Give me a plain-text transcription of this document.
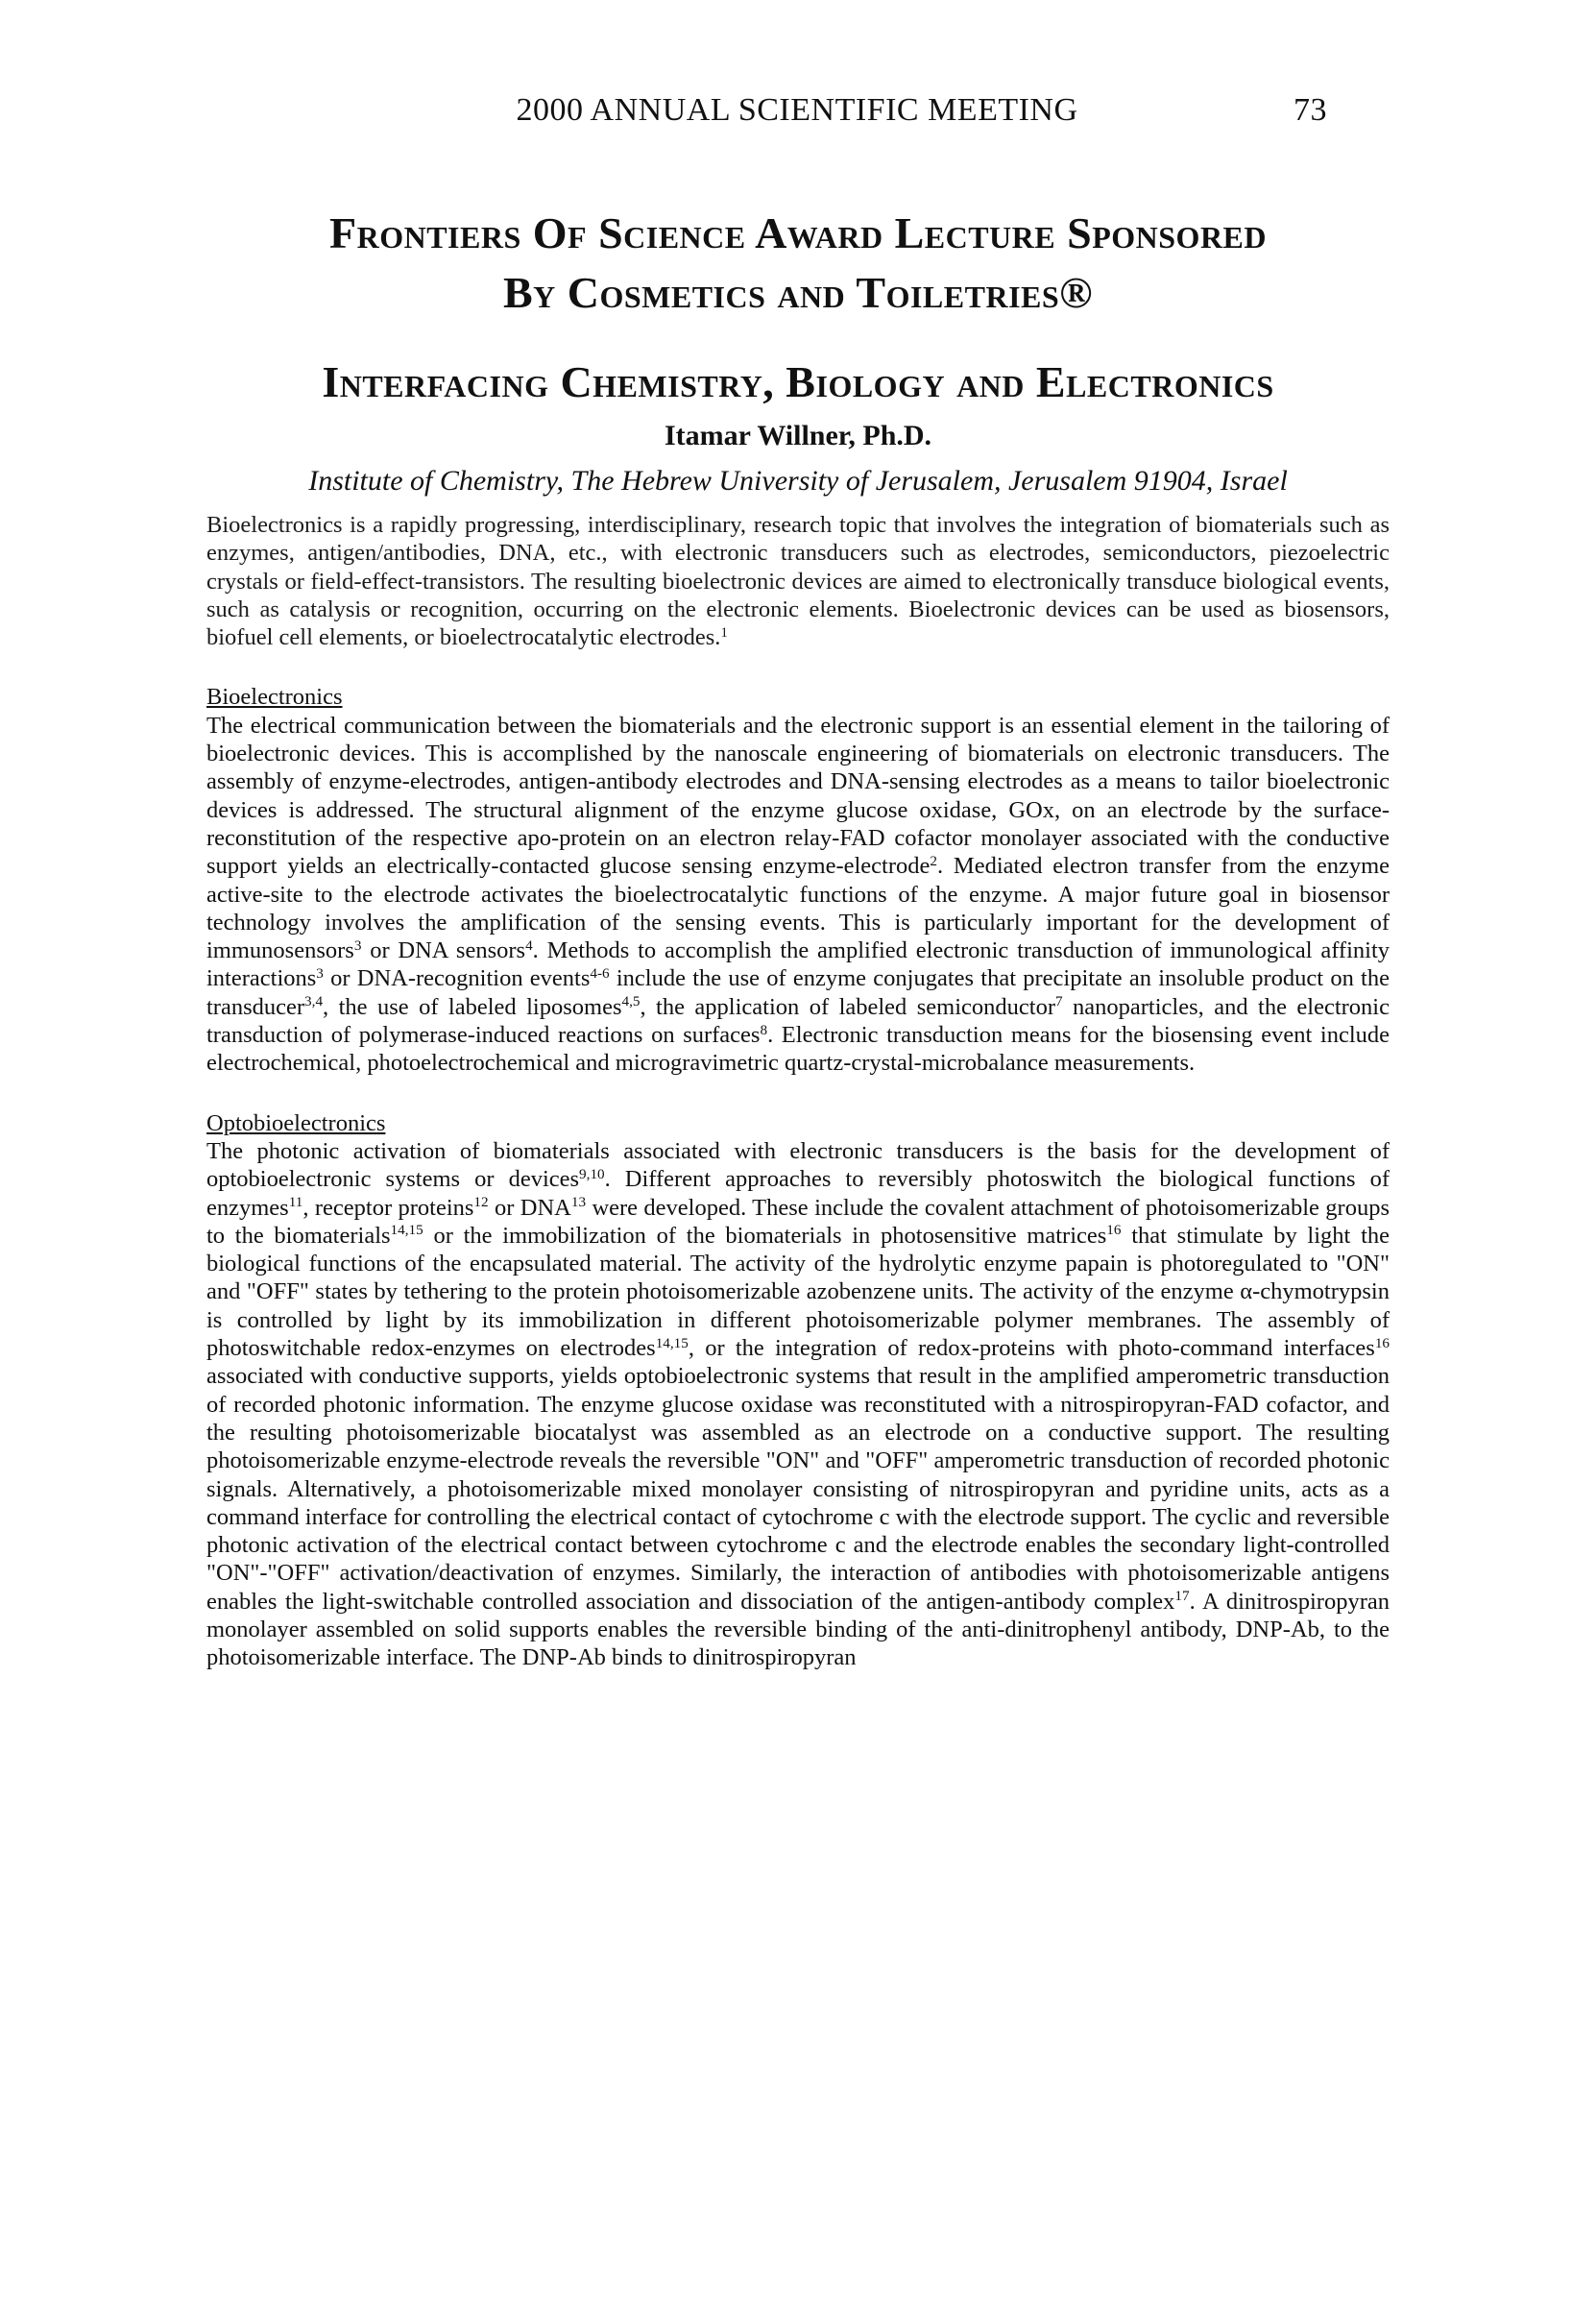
2000 ANNUAL SCIENTIFIC MEETING	73
Frontiers Of Science Award Lecture Sponsored
By Cosmetics and Toiletries®
Interfacing Chemistry, Biology and Electronics
Itamar Willner, Ph.D.
Institute of Chemistry, The Hebrew University of Jerusalem, Jerusalem 91904, Israel

Bioelectronics is a rapidly progressing, interdisciplinary, research topic that involves the integration of biomaterials such as enzymes, antigen/antibodies, DNA, etc., with electronic transducers such as electrodes, semiconductors, piezoelectric crystals or field-effect-transistors. The resulting bioelectronic devices are aimed to electronically transduce biological events, such as catalysis or recognition, occurring on the electronic elements. Bioelectronic devices can be used as biosensors, biofuel cell elements, or bioelectrocatalytic electrodes.$^1$

Bioelectronics

The electrical communication between the biomaterials and the electronic support is an essential element in the tailoring of bioelectronic devices. This is accomplished by the nanoscale engineering of biomaterials on electronic transducers. The assembly of enzyme-electrodes, antigen-antibody electrodes and DNA-sensing electrodes as a means to tailor bioelectronic devices is addressed. The structural alignment of the enzyme glucose oxidase, GOx, on an electrode by the surface-reconstitution of the respective apo-protein on an electron relay-FAD cofactor monolayer associated with the conductive support yields an electrically-contacted glucose sensing enzyme-electrode$^2$. Mediated electron transfer from the enzyme active-site to the electrode activates the bioelectrocatalytic functions of the enzyme. A major future goal in biosensor technology involves the amplification of the sensing events. This is particularly important for the development of immunosensors$^3$ or DNA sensors$^4$. Methods to accomplish the amplified electronic transduction of immunological affinity interactions$^3$ or DNA-recognition events$^{4-6}$ include the use of enzyme conjugates that precipitate an insoluble product on the transducer$^{3,4}$, the use of labeled liposomes$^{4,5}$, the application of labeled semiconductor$^7$ nanoparticles, and the electronic transduction of polymerase-induced reactions on surfaces$^8$. Electronic transduction means for the biosensing event include electrochemical, photoelectrochemical and microgravimetric quartz-crystal-microbalance measurements.

Optobioelectronics

The photonic activation of biomaterials associated with electronic transducers is the basis for the development of optobioelectronic systems or devices$^{9,10}$. Different approaches to reversibly photoswitch the biological functions of enzymes$^{11}$, receptor proteins$^{12}$ or DNA$^{13}$ were developed. These include the covalent attachment of photoisomerizable groups to the biomaterials$^{14,15}$ or the immobilization of the biomaterials in photosensitive matrices$^{16}$ that stimulate by light the biological functions of the encapsulated material. The activity of the hydrolytic enzyme papain is photoregulated to "ON" and "OFF" states by tethering to the protein photoisomerizable azobenzene units. The activity of the enzyme α-chymotrypsin is controlled by light by its immobilization in different photoisomerizable polymer membranes. The assembly of photoswitchable redox-enzymes on electrodes$^{14,15}$, or the integration of redox-proteins with photo-command interfaces$^{16}$ associated with conductive supports, yields optobioelectronic systems that result in the amplified amperometric transduction of recorded photonic information. The enzyme glucose oxidase was reconstituted with a nitrospiropyran-FAD cofactor, and the resulting photoisomerizable biocatalyst was assembled as an electrode on a conductive support. The resulting photoisomerizable enzyme-electrode reveals the reversible "ON" and "OFF" amperometric transduction of recorded photonic signals. Alternatively, a photoisomerizable mixed monolayer consisting of nitrospiropyran and pyridine units, acts as a command interface for controlling the electrical contact of cytochrome c with the electrode support. The cyclic and reversible photonic activation of the electrical contact between cytochrome c and the electrode enables the secondary light-controlled "ON"-"OFF" activation/deactivation of enzymes. Similarly, the interaction of antibodies with photoisomerizable antigens enables the light-switchable controlled association and dissociation of the antigen-antibody complex$^{17}$. A dinitrospiropyran monolayer assembled on solid supports enables the reversible binding of the anti-dinitrophenyl antibody, DNP-Ab, to the photoisomerizable interface. The DNP-Ab binds to dinitrospiropyran
